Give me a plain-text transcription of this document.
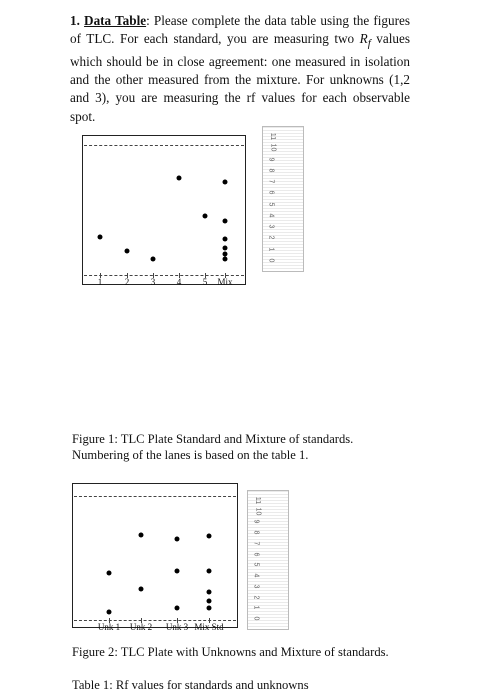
1. Data Table: Please complete the data table using the figures of TLC. For each standard, you are measuring two $R_f$ values which should be in close agreement: one measured in isolation and the other measured from the mixture. For unknowns (1,2 and 3), you are measuring the rf values for each observable spot.
1	2 3 4 5 Mix
0
1
2
3
4
5
6
7
8
9
10
11
Figure 1: TLC Plate Standard and Mixture of standards. Numbering of the lanes is based on the table 1.
Unk 1 Unk 2 Unk 3 Mix Std
0
1
2
3
4
5
6
7
8
9
10
11
Figure 2: TLC Plate with Unknowns and Mixture of standards.
Table 1: Rf values for standards and unknowns
